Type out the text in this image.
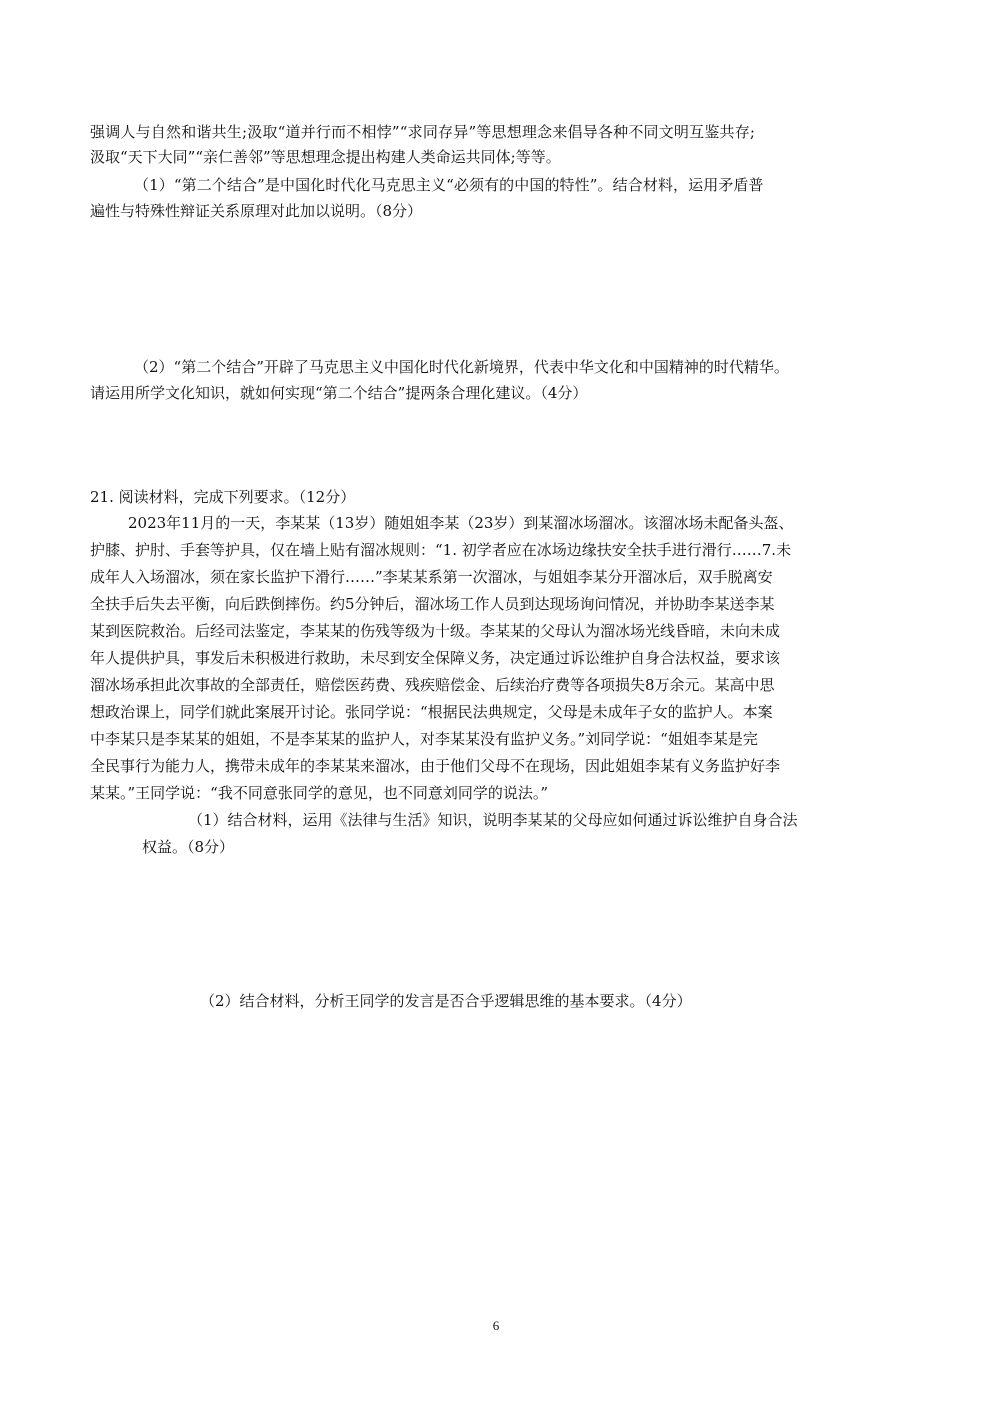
强调人与自然和谐共生;汲取“道并行而不相悖”“求同存异”等思想理念来倡导各种不同文明互鉴共存;
汲取“天下大同”“亲仁善邻”等思想理念提出构建人类命运共同体;等等。
（1）“第二个结合”是中国化时代化马克思主义“必须有的中国的特性”。结合材料，运用矛盾普
遍性与特殊性辩证关系原理对此加以说明。（8分）
（2）“第二个结合”开辟了马克思主义中国化时代化新境界，代表中华文化和中国精神的时代精华。
请运用所学文化知识，就如何实现“第二个结合”提两条合理化建议。（4分）
21. 阅读材料，完成下列要求。（12分）
2023年11月的一天，李某某（13岁）随姐姐李某（23岁）到某溜冰场溜冰。该溜冰场未配备头盔、
护膝、护肘、手套等护具，仅在墙上贴有溜冰规则：“1. 初学者应在冰场边缘扶安全扶手进行滑行……7.未
成年人入场溜冰，须在家长监护下滑行……”李某某系第一次溜冰，与姐姐李某分开溜冰后，双手脱离安
全扶手后失去平衡，向后跌倒摔伤。约5分钟后，溜冰场工作人员到达现场询问情况，并协助李某送李某
某到医院救治。后经司法鉴定，李某某的伤残等级为十级。李某某的父母认为溜冰场光线昏暗，未向未成
年人提供护具，事发后未积极进行救助，未尽到安全保障义务，决定通过诉讼维护自身合法权益，要求该
溜冰场承担此次事故的全部责任，赔偿医药费、残疾赔偿金、后续治疗费等各项损失8万余元。某高中思
想政治课上，同学们就此案展开讨论。张同学说：“根据民法典规定，父母是未成年子女的监护人。本案
中李某只是李某某的姐姐，不是李某某的监护人，对李某某没有监护义务。”刘同学说：“姐姐李某是完
全民事行为能力人，携带未成年的李某某来溜冰，由于他们父母不在现场，因此姐姐李某有义务监护好李
某某。”王同学说：“我不同意张同学的意见，也不同意刘同学的说法。”
（1）结合材料，运用《法律与生活》知识，说明李某某的父母应如何通过诉讼维护自身合法
权益。（8分）
（2）结合材料，分析王同学的发言是否合乎逻辑思维的基本要求。（4分）
6
